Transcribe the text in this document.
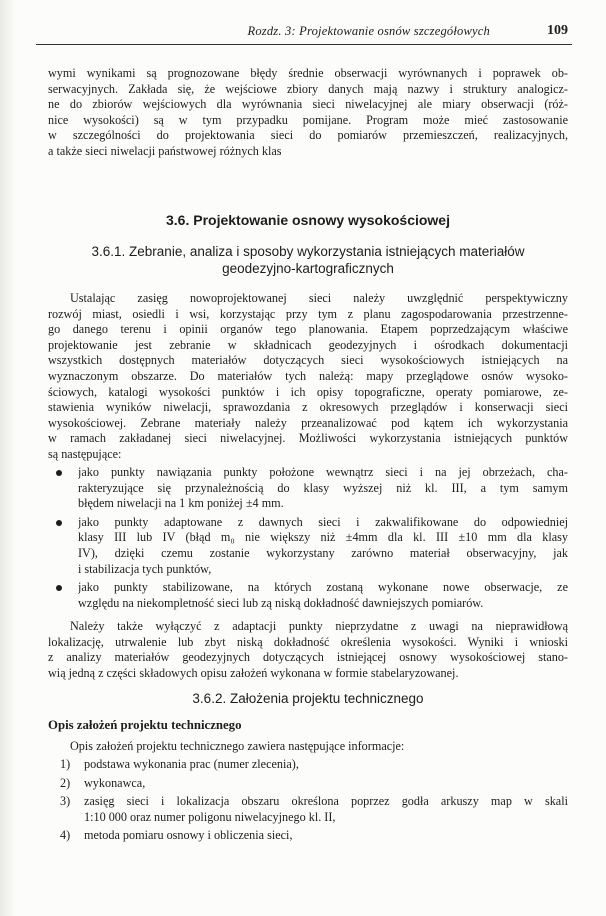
Rozdz. 3: Projektowanie osnów szczegółowych	109

wymi wynikami są prognozowane błędy średnie obserwacji wyrównanych i poprawek ob-

serwacyjnych. Zakłada się, że wejściowe zbiory danych mają nazwy i struktury analogicz-

ne do zbiorów wejściowych dla wyrównania sieci niwelacyjnej ale miary obserwacji (róż-

nice wysokości) są w tym przypadku pomijane. Program może mieć zastosowanie

w szczególności do projektowania sieci do pomiarów przemieszczeń, realizacyjnych,

a także sieci niwelacji państwowej różnych klas

3.6. Projektowanie osnowy wysokościowej
3.6.1. Zebranie, analiza i sposoby wykorzystania istniejących materiałów
geodezyjno-kartograficznych

Ustalając zasięg nowoprojektowanej sieci należy uwzględnić perspektywiczny

rozwój miast, osiedli i wsi, korzystając przy tym z planu zagospodarowania przestrzenne-

go danego terenu i opinii organów tego planowania. Etapem poprzedzającym właściwe

projektowanie jest zebranie w składnicach geodezyjnych i ośrodkach dokumentacji

wszystkich dostępnych materiałów dotyczących sieci wysokościowych istniejących na

wyznaczonym obszarze. Do materiałów tych należą: mapy przeglądowe osnów wysoko-

ściowych, katalogi wysokości punktów i ich opisy topograficzne, operaty pomiarowe, ze-

stawienia wyników niwelacji, sprawozdania z okresowych przeglądów i konserwacji sieci

wysokościowej. Zebrane materiały należy przeanalizować pod kątem ich wykorzystania

w ramach zakładanej sieci niwelacyjnej. Możliwości wykorzystania istniejących punktów

są następujące:

jako punkty nawiązania punkty położone wewnątrz sieci i na jej obrzeżach, cha-

rakteryzujące się przynależnością do klasy wyższej niż kl. III, a tym samym

błędem niwelacji na 1 km poniżej ±4 mm.

jako punkty adaptowane z dawnych sieci i zakwalifikowane do odpowiedniej

klasy III lub IV (błąd m₀ nie większy niż ±4mm dla kl. III ±10 mm dla klasy

IV), dzięki czemu zostanie wykorzystany zarówno materiał obserwacyjny, jak

i stabilizacja tych punktów,

jako punkty stabilizowane, na których zostaną wykonane nowe obserwacje, ze

względu na niekompletność sieci lub zą niską dokładność dawniejszych pomiarów.

Należy także wyłączyć z adaptacji punkty nieprzydatne z uwagi na nieprawidłową

lokalizację, utrwalenie lub zbyt niską dokładność określenia wysokości. Wyniki i wnioski

z analizy materiałów geodezyjnych dotyczących istniejącej osnowy wysokościowej stano-

wią jedną z części składowych opisu założeń wykonana w formie stabelaryzowanej.

3.6.2. Założenia projektu technicznego
Opis założeń projektu technicznego

Opis założeń projektu technicznego zawiera następujące informacje:

1) podstawa wykonania prac (numer zlecenia),

2) wykonawca,

3) zasięg sieci i lokalizacja obszaru określona poprzez godła arkuszy map w skali

1:10 000 oraz numer poligonu niwelacyjnego kl. II,

4) metoda pomiaru osnowy i obliczenia sieci,
